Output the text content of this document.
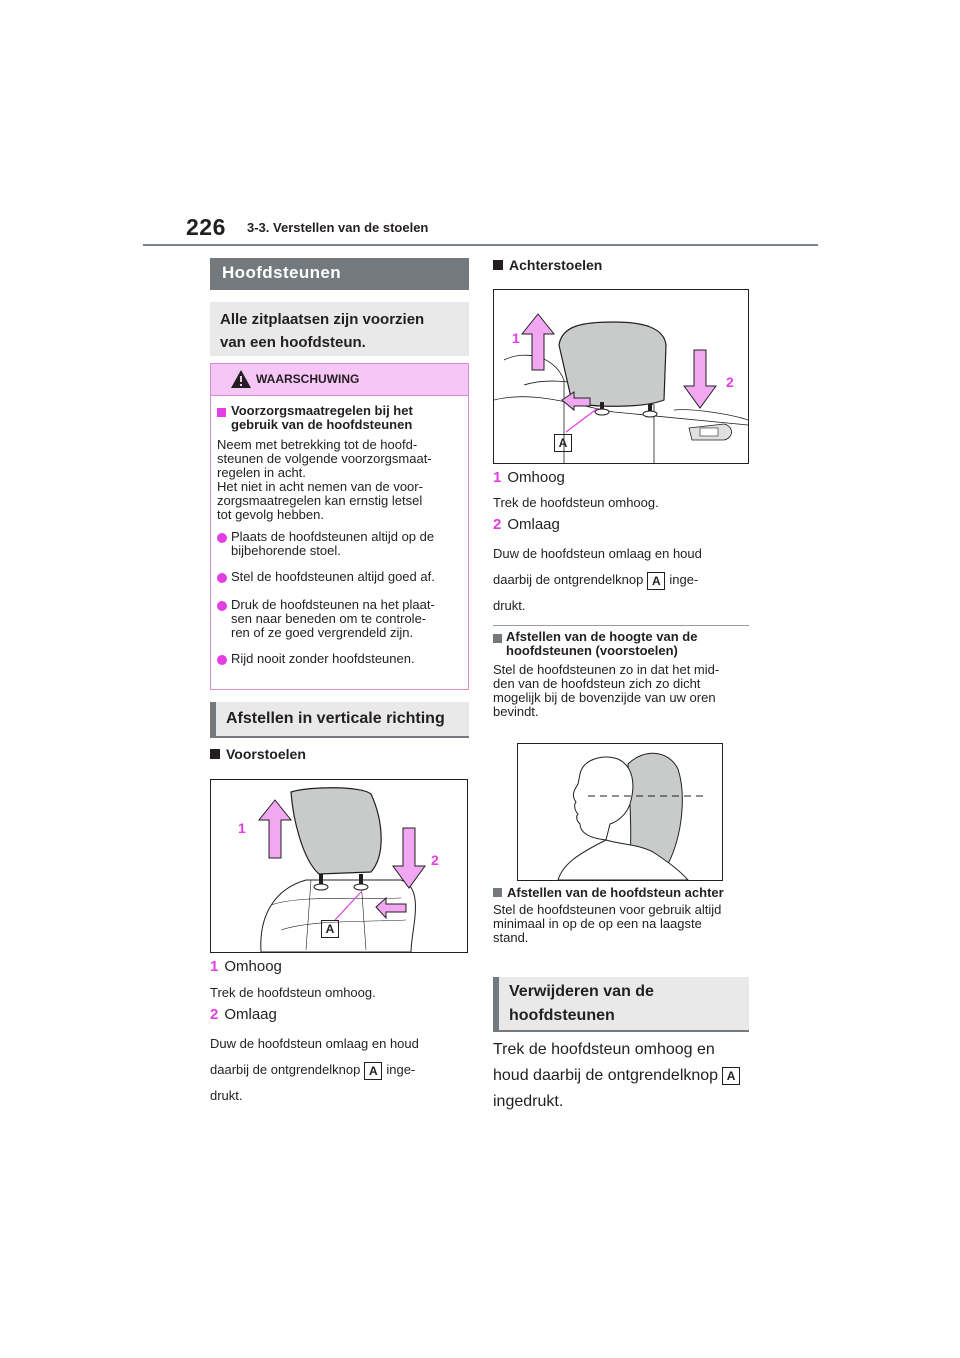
226 3-3. Verstellen van de stoelen
Hoofdsteunen
Alle zitplaatsen zijn voorzien
van een hoofdsteun.
WAARSCHUWING
Voorzorgsmaatregelen bij het
gebruik van de hoofdsteunen
Neem met betrekking tot de hoofd-
steunen de volgende voorzorgsmaat-
regelen in acht.
Het niet in acht nemen van de voor-
zorgsmaatregelen kan ernstig letsel
tot gevolg hebben.
Plaats de hoofdsteunen altijd op de
bijbehorende stoel.
Stel de hoofdsteunen altijd goed af.
Druk de hoofdsteunen na het plaat-
sen naar beneden om te controle-
ren of ze goed vergrendeld zijn.
Rijd nooit zonder hoofdsteunen.
Afstellen in verticale richting
Voorstoelen
1
2
A
1 Omhoog
Trek de hoofdsteun omhoog.
2 Omlaag
Duw de hoofdsteun omlaag en houd
daarbij de ontgrendelknop A inge-
drukt.
Achterstoelen
1
2
A
1 Omhoog
Trek de hoofdsteun omhoog.
2 Omlaag
Duw de hoofdsteun omlaag en houd
daarbij de ontgrendelknop A inge-
drukt.
Afstellen van de hoogte van de
hoofdsteunen (voorstoelen)
Stel de hoofdsteunen zo in dat het mid-
den van de hoofdsteun zich zo dicht
mogelijk bij de bovenzijde van uw oren
bevindt.
Afstellen van de hoofdsteun achter
Stel de hoofdsteunen voor gebruik altijd
minimaal in op de op een na laagste
stand.
Verwijderen van de
hoofdsteunen
Trek de hoofdsteun omhoog en
houd daarbij de ontgrendelknop A
ingedrukt.
